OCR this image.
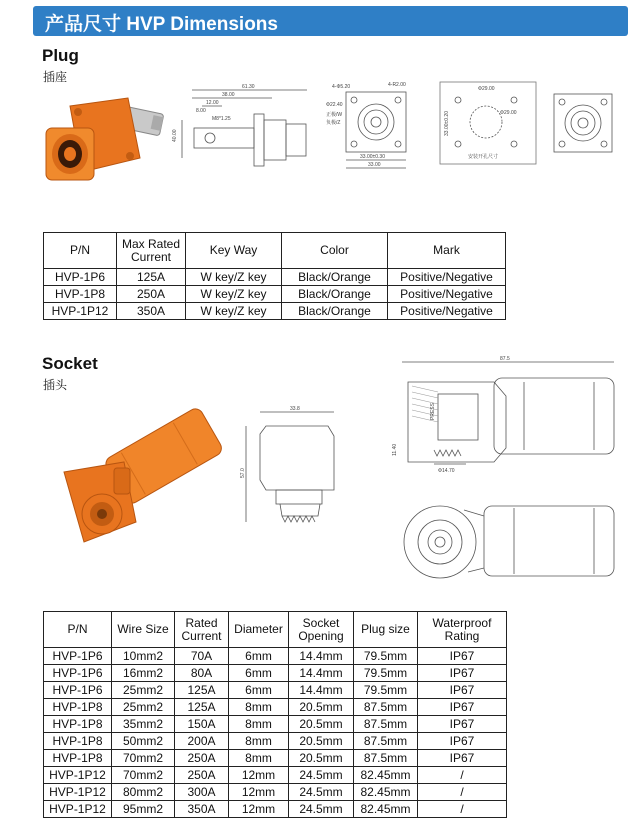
产品尺寸 HVP Dimensions
Plug
插座
61.30
38.00
12.00
8.00
M8*1.25
40.00
4-Φ5.20	4-R2.00
Φ22.40
正极/W
负极/Z
33.00±0.30
33.00
Φ29.00
Φ29.00
33.00±0.20
安装开孔尺寸
P/N	Max Rated Current	Key Way	Color	Mark
HVP-1P6	125A	W key/Z key	Black/Orange	Positive/Negative
HVP-1P8	250A	W key/Z key	Black/Orange	Positive/Negative
HVP-1P12	350A	W key/Z key	Black/Orange	Positive/Negative
Socket
插头
33.8
57.0
87.5
11.40
Φ14.70
PRESS
P/N	Wire Size	Rated Current	Diameter	Socket Opening	Plug size	Waterproof Rating
HVP-1P6	10mm2	70A	6mm	14.4mm	79.5mm	IP67
HVP-1P6	16mm2	80A	6mm	14.4mm	79.5mm	IP67
HVP-1P6	25mm2	125A	6mm	14.4mm	79.5mm	IP67
HVP-1P8	25mm2	125A	8mm	20.5mm	87.5mm	IP67
HVP-1P8	35mm2	150A	8mm	20.5mm	87.5mm	IP67
HVP-1P8	50mm2	200A	8mm	20.5mm	87.5mm	IP67
HVP-1P8	70mm2	250A	8mm	20.5mm	87.5mm	IP67
HVP-1P12	70mm2	250A	12mm	24.5mm	82.45mm	/
HVP-1P12	80mm2	300A	12mm	24.5mm	82.45mm	/
HVP-1P12	95mm2	350A	12mm	24.5mm	82.45mm	/
